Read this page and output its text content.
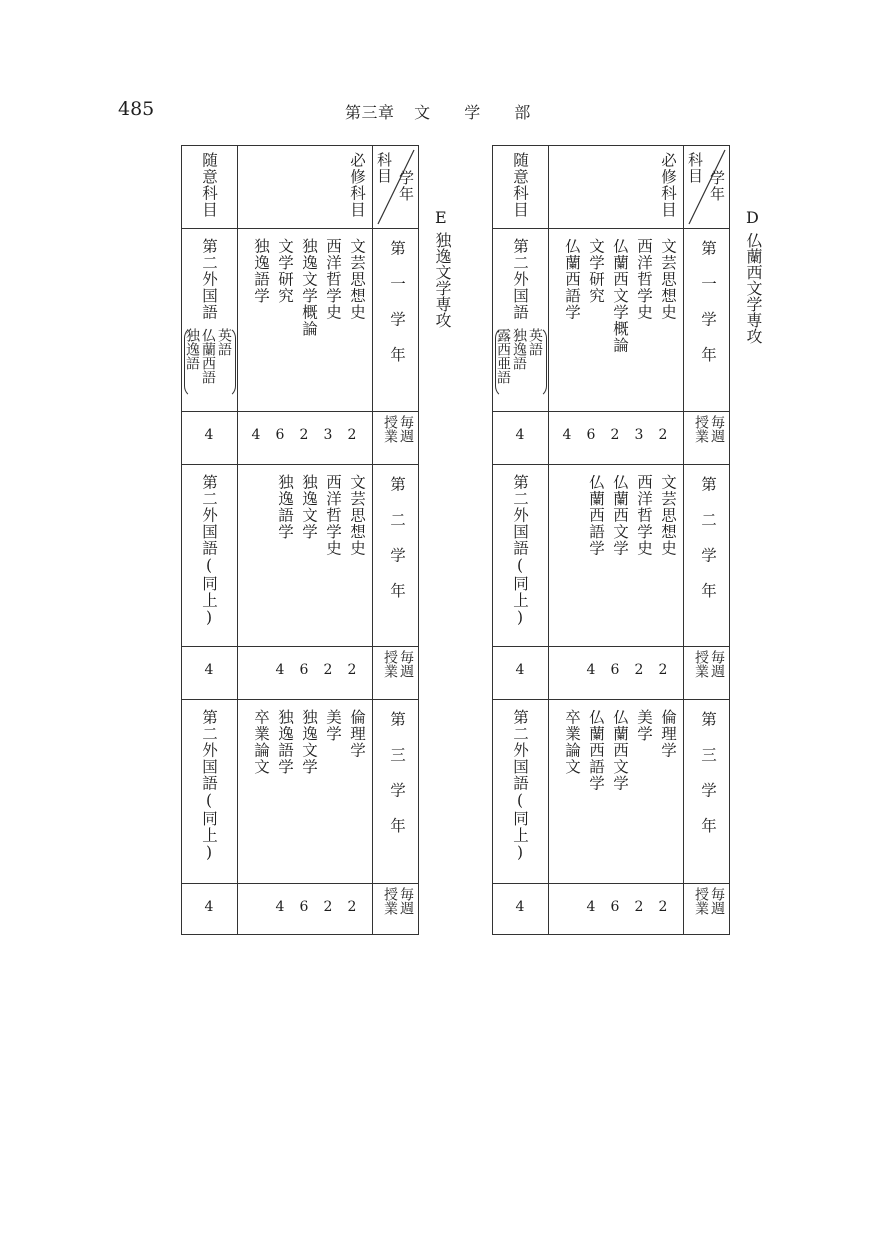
485	第三章 文 学 部
D
仏蘭西文学専攻
学年
科目
必修科目
随意科目
第一学年
文芸思想史
西洋哲学史
仏蘭西文学概論
文学研究
仏蘭西語学
第二外国語
英語
独逸語
露西亜語
毎週
授業
2
3
2
6
4
4
第二学年
文芸思想史
西洋哲学史
仏蘭西文学
仏蘭西語学
第二外国語(同上)
毎週
授業
2
2
6
4
4
第三学年
倫理学
美学
仏蘭西文学
仏蘭西語学
卒業論文
第二外国語(同上)
毎週
授業
2
2
6
4
4
E
独逸文学専攻
学年
科目
必修科目
随意科目
第一学年
文芸思想史
西洋哲学史
独逸文学概論
文学研究
独逸語学
第二外国語
英語
仏蘭西語
独逸語
毎週
授業
2
3
2
6
4
4
第二学年
文芸思想史
西洋哲学史
独逸文学
独逸語学
第二外国語(同上)
毎週
授業
2
2
6
4
4
第三学年
倫理学
美学
独逸文学
独逸語学
卒業論文
第二外国語(同上)
毎週
授業
2
2
6
4
4
